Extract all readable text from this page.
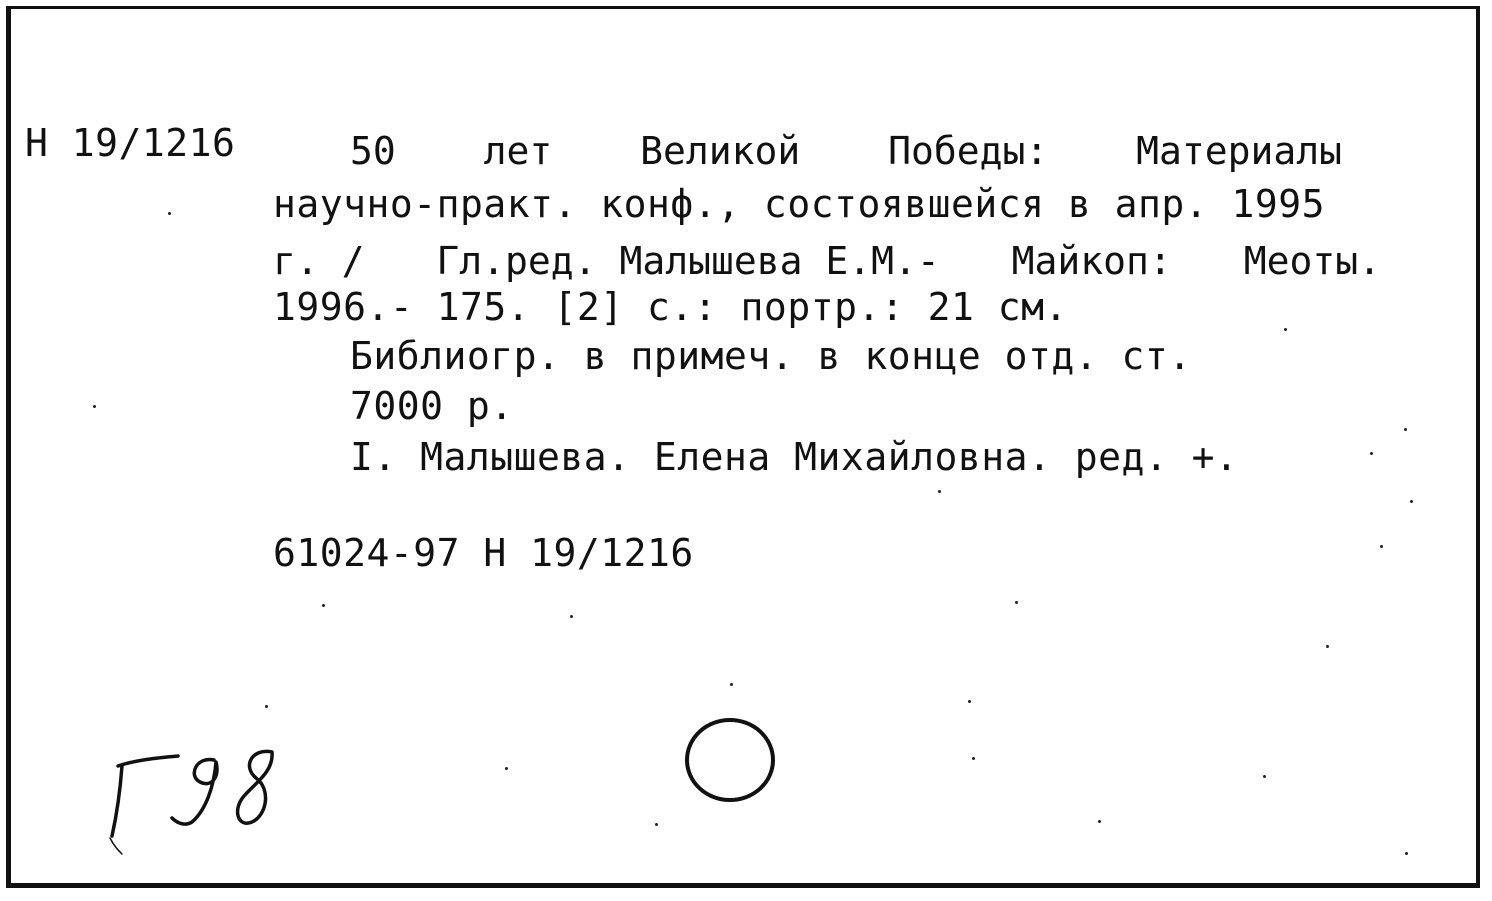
Н 19/1216	50 лет Великой Победы: Материалы
научно-практ. конф., состоявшейся в апр. 1995
г. / Гл.ред. Малышева Е.М.- Майкоп: Меоты.
1996.- 175. [2] с.: портр.: 21 см.
Библиогр. в примеч. в конце отд. ст.
7000 р.
I. Малышева. Елена Михайловна. ред. +.
61024-97 Н 19/1216
